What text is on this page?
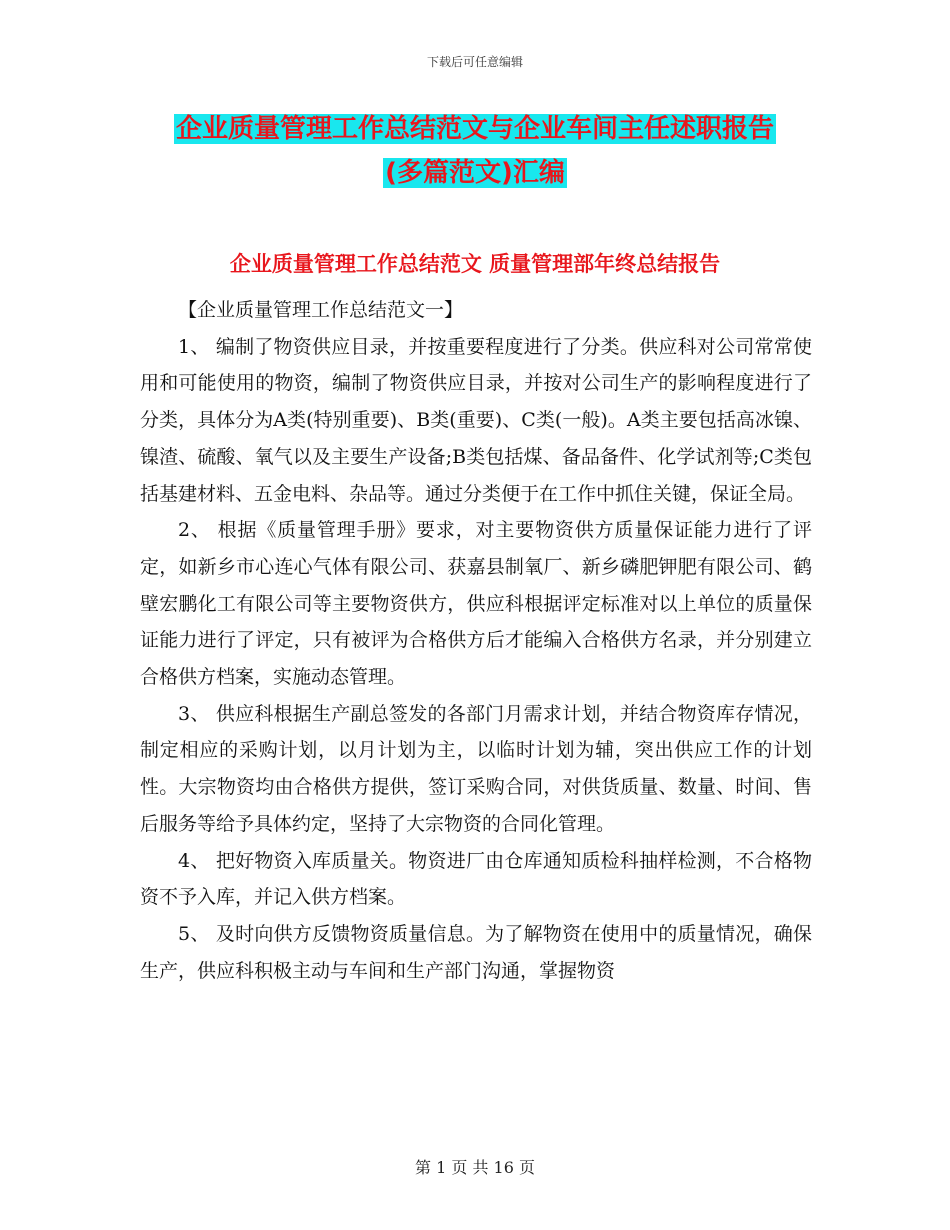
下载后可任意编辑
企业质量管理工作总结范文与企业车间主任述职报告
(多篇范文)汇编
企业质量管理工作总结范文 质量管理部年终总结报告

【企业质量管理工作总结范文一】

1、 编制了物资供应目录，并按重要程度进行了分类。供应科对公司常常使用和可能使用的物资，编制了物资供应目录，并按对公司生产的影响程度进行了分类，具体分为A类(特别重要)、B类(重要)、C类(一般)。A类主要包括高冰镍、镍渣、硫酸、氧气以及主要生产设备;B类包括煤、备品备件、化学试剂等;C类包括基建材料、五金电料、杂品等。通过分类便于在工作中抓住关键，保证全局。

2、 根据《质量管理手册》要求，对主要物资供方质量保证能力进行了评定，如新乡市心连心气体有限公司、获嘉县制氧厂、新乡磷肥钾肥有限公司、鹤壁宏鹏化工有限公司等主要物资供方，供应科根据评定标准对以上单位的质量保证能力进行了评定，只有被评为合格供方后才能编入合格供方名录，并分别建立合格供方档案，实施动态管理。

3、 供应科根据生产副总签发的各部门月需求计划，并结合物资库存情况，制定相应的采购计划，以月计划为主，以临时计划为辅，突出供应工作的计划性。大宗物资均由合格供方提供，签订采购合同，对供货质量、数量、时间、售后服务等给予具体约定，坚持了大宗物资的合同化管理。

4、 把好物资入库质量关。物资进厂由仓库通知质检科抽样检测，不合格物资不予入库，并记入供方档案。

5、 及时向供方反馈物资质量信息。为了解物资在使用中的质量情况，确保生产，供应科积极主动与车间和生产部门沟通，掌握物资

第 1 页 共 16 页
